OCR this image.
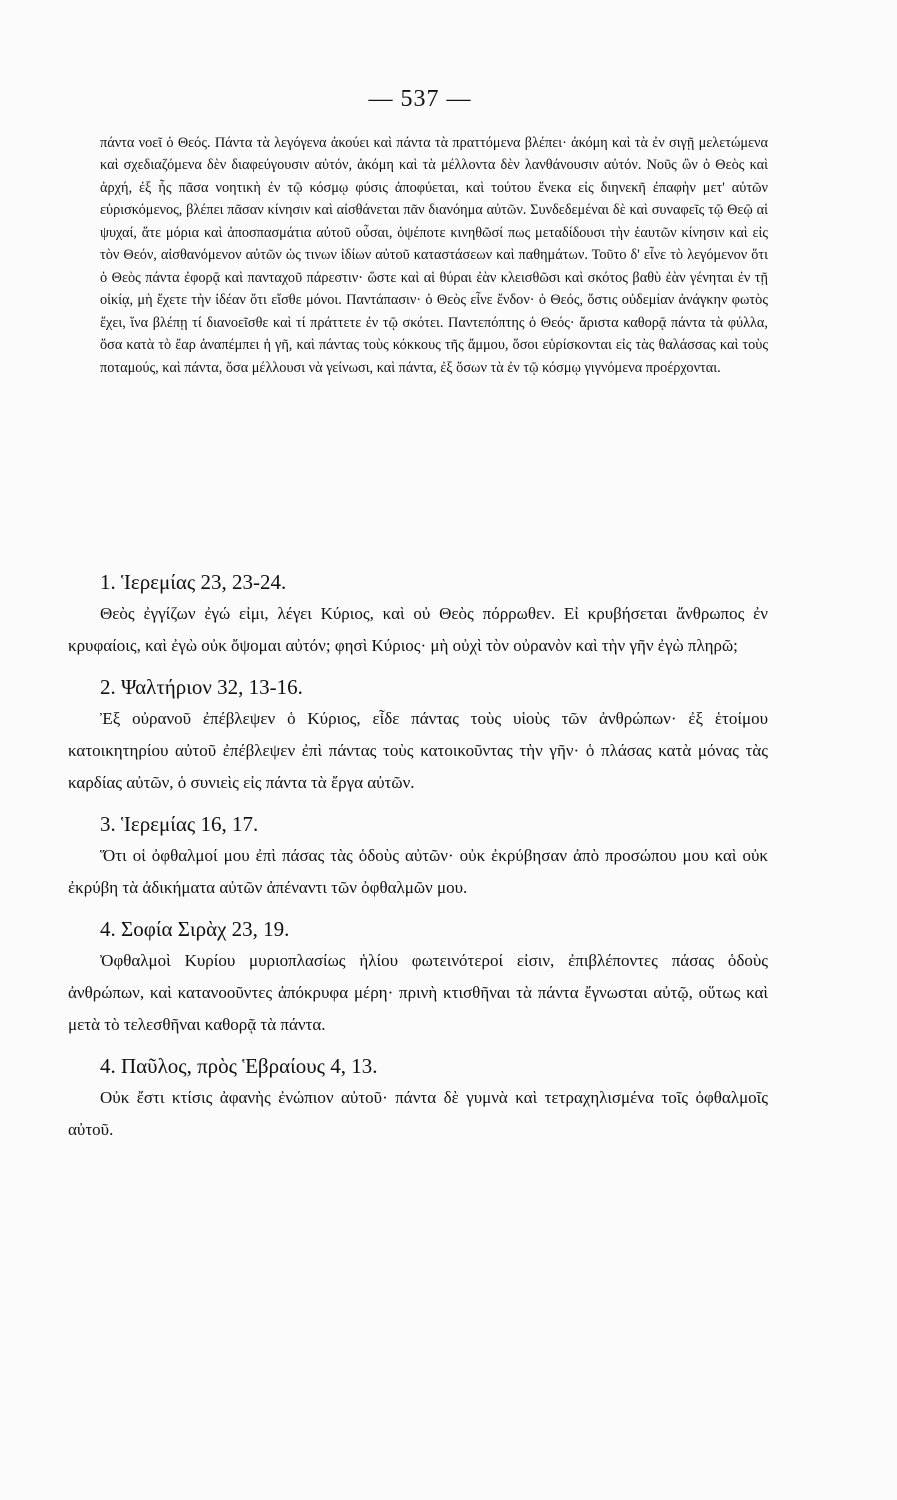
— 537 —

πάντα νοεῖ ὁ Θεός. Πάντα τὰ λεγόγενα ἀκούει καὶ πάντα τὰ πραττόμενα βλέπει· ἀκόμη καὶ τὰ ἐν σιγῇ μελετώμενα καὶ σχεδιαζόμενα δὲν διαφεύγουσιν αὐτόν, ἀκόμη καὶ τὰ μέλλοντα δὲν λανθάνουσιν αὐτόν. Νοῦς ὢν ὁ Θεὸς καὶ ἀρχή, ἐξ ἧς πᾶσα νοητικὴ ἐν τῷ κόσμῳ φύσις ἀποφύεται, καὶ τούτου ἕνεκα εἰς διηνεκῆ ἐπαφὴν μετ' αὐτῶν εὑρισκόμενος, βλέπει πᾶσαν κίνησιν καὶ αἰσθάνεται πᾶν διανόημα αὐτῶν. Συνδεδεμέναι δὲ καὶ συναφεῖς τῷ Θεῷ αἱ ψυχαί, ἅτε μόρια καὶ ἀποσπασμάτια αὐτοῦ οὖσαι, ὁψέποτε κινηθῶσί πως μεταδίδουσι τὴν ἑαυτῶν κίνησιν καὶ εἰς τὸν Θεόν, αἰσθανόμενον αὐτῶν ὡς τινων ἰδίων αὐτοῦ καταστάσεων καὶ παθημάτων. Τοῦτο δ' εἶνε τὸ λεγόμενον ὅτι ὁ Θεὸς πάντα ἐφορᾷ καὶ πανταχοῦ πάρεστιν· ὥστε καὶ αἱ θύραι ἐὰν κλεισθῶσι καὶ σκότος βαθὺ ἐὰν γένηται ἐν τῇ οἰκίᾳ, μὴ ἔχετε τὴν ἰδέαν ὅτι εἴσθε μόνοι. Παντάπασιν· ὁ Θεὸς εἶνε ἔνδον· ὁ Θεός, ὅστις οὐδεμίαν ἀνάγκην φωτὸς ἔχει, ἵνα βλέπῃ τί διανοεῖσθε καὶ τί πράττετε ἐν τῷ σκότει. Παντεπόπτης ὁ Θεός· ἄριστα καθορᾷ πάντα τὰ φύλλα, ὅσα κατὰ τὸ ἔαρ ἀναπέμπει ἡ γῆ, καὶ πάντας τοὺς κόκκους τῆς ἄμμου, ὅσοι εὑρίσκονται εἰς τὰς θαλάσσας καὶ τοὺς ποταμούς, καὶ πάντα, ὅσα μέλλουσι νὰ γείνωσι, καὶ πάντα, ἐξ ὅσων τὰ ἐν τῷ κόσμῳ γιγνόμενα προέρχονται.

1. Ἱερεμίας 23, 23-24.

Θεὸς ἐγγίζων ἐγώ εἰμι, λέγει Κύριος, καὶ οὐ Θεὸς πόρρωθεν. Εἰ κρυβήσεται ἄνθρωπος ἐν κρυφαίοις, καὶ ἐγὼ οὐκ ὄψομαι αὐτόν; φησὶ Κύριος· μὴ οὐχὶ τὸν οὐρανὸν καὶ τὴν γῆν ἐγὼ πληρῶ;

2. Ψαλτήριον 32, 13-16.

Ἐξ οὐρανοῦ ἐπέβλεψεν ὁ Κύριος, εἶδε πάντας τοὺς υἱοὺς τῶν ἀνθρώπων· ἐξ ἑτοίμου κατοικητηρίου αὐτοῦ ἐπέβλεψεν ἐπὶ πάντας τοὺς κατοικοῦντας τὴν γῆν· ὁ πλάσας κατὰ μόνας τὰς καρδίας αὐτῶν, ὁ συνιεὶς εἰς πάντα τὰ ἔργα αὐτῶν.

3. Ἱερεμίας 16, 17.

Ὅτι οἱ ὀφθαλμοί μου ἐπὶ πάσας τὰς ὁδοὺς αὐτῶν· οὐκ ἐκρύβησαν ἀπὸ προσώπου μου καὶ οὐκ ἐκρύβη τὰ ἀδικήματα αὐτῶν ἀπέναντι τῶν ὀφθαλμῶν μου.

4. Σοφία Σιρὰχ 23, 19.

Ὀφθαλμοὶ Κυρίου μυριοπλασίως ἡλίου φωτεινότεροί εἰσιν, ἐπιβλέποντες πάσας ὁδοὺς ἀνθρώπων, καὶ κατανοοῦντες ἀπόκρυφα μέρη· πρινὴ κτισθῆναι τὰ πάντα ἔγνωσται αὐτῷ, οὕτως καὶ μετὰ τὸ τελεσθῆναι καθορᾷ τὰ πάντα.

4. Παῦλος, πρὸς Ἑβραίους 4, 13.

Οὐκ ἔστι κτίσις ἀφανὴς ἐνώπιον αὐτοῦ· πάντα δὲ γυμνὰ καὶ τετραχηλισμένα τοῖς ὀφθαλμοῖς αὐτοῦ.
